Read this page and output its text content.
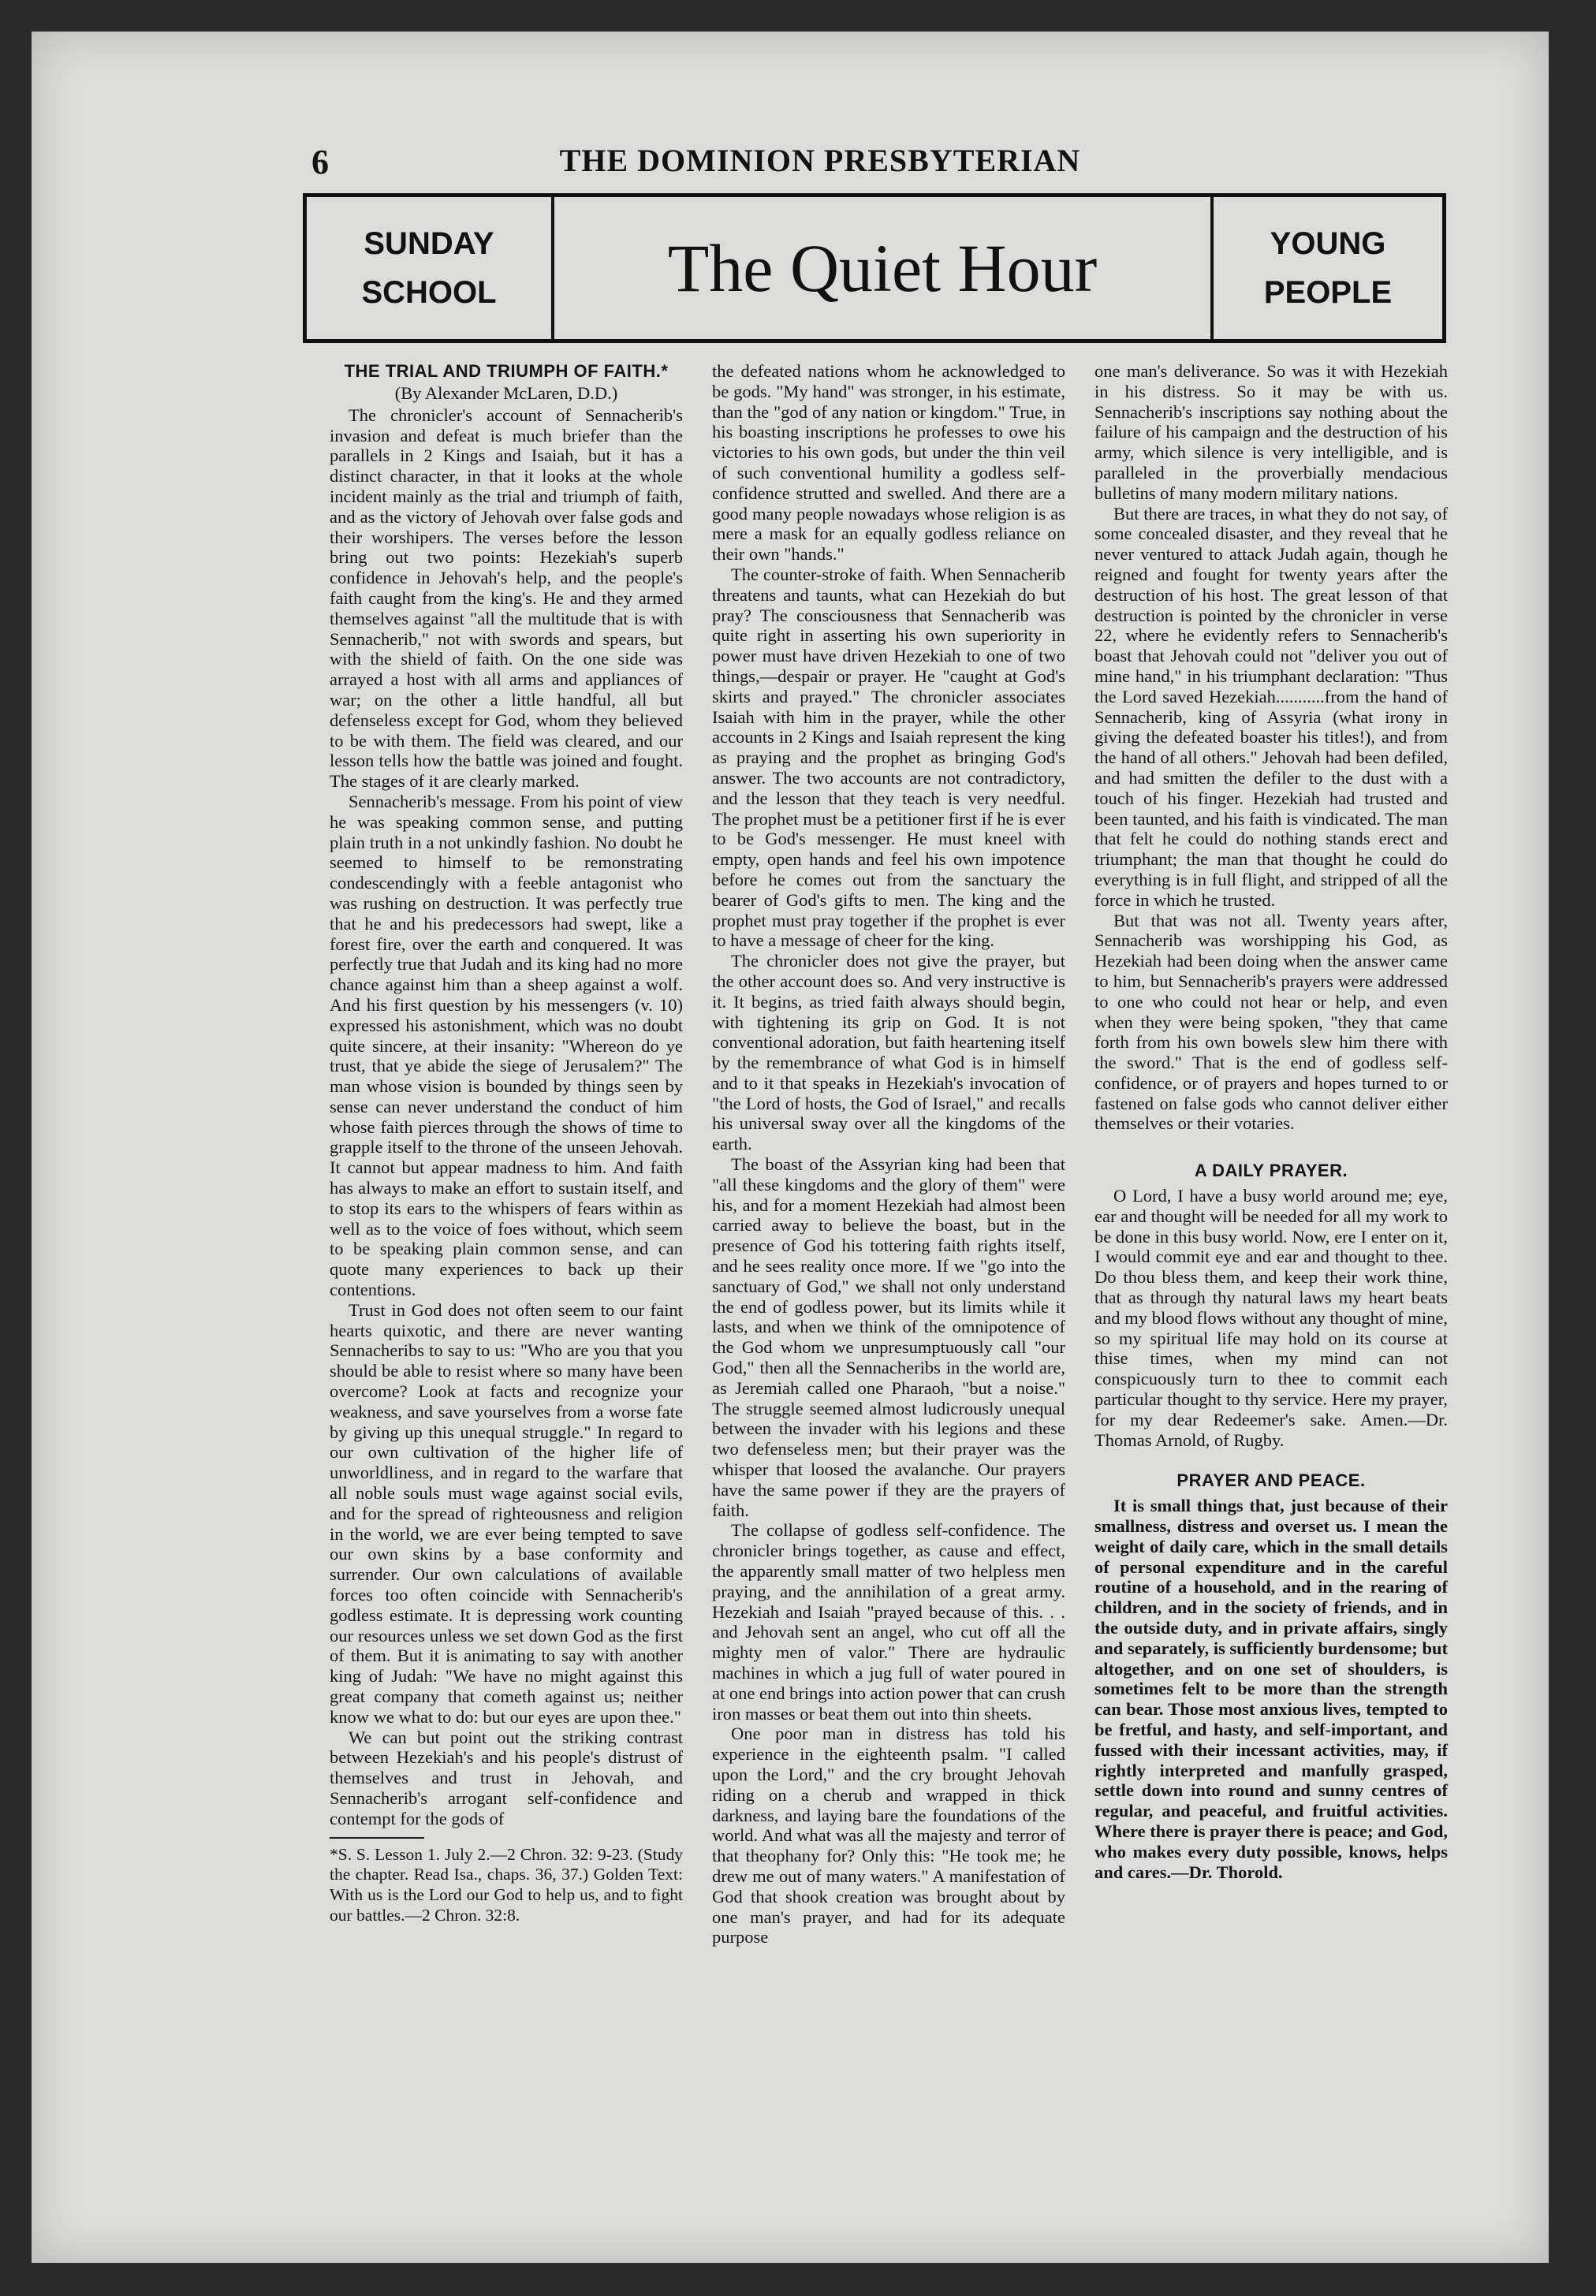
6	THE DOMINION PRESBYTERIAN
SUNDAY
SCHOOL	The Quiet Hour	YOUNG
PEOPLE
THE TRIAL AND TRIUMPH OF FAITH.*
(By Alexander McLaren, D.D.)

The chronicler's account of Sennacherib's invasion and defeat is much briefer than the parallels in 2 Kings and Isaiah, but it has a distinct character, in that it looks at the whole incident mainly as the trial and triumph of faith, and as the victory of Jehovah over false gods and their worshipers. The verses before the lesson bring out two points: Hezekiah's superb confidence in Jehovah's help, and the people's faith caught from the king's. He and they armed themselves against "all the multitude that is with Sennacherib," not with swords and spears, but with the shield of faith. On the one side was arrayed a host with all arms and appliances of war; on the other a little handful, all but defenseless except for God, whom they believed to be with them. The field was cleared, and our lesson tells how the battle was joined and fought. The stages of it are clearly marked.

Sennacherib's message. From his point of view he was speaking common sense, and putting plain truth in a not unkindly fashion. No doubt he seemed to himself to be remonstrating condescendingly with a feeble antagonist who was rushing on destruction. It was perfectly true that he and his predecessors had swept, like a forest fire, over the earth and conquered. It was perfectly true that Judah and its king had no more chance against him than a sheep against a wolf. And his first question by his messengers (v. 10) expressed his astonishment, which was no doubt quite sincere, at their insanity: "Whereon do ye trust, that ye abide the siege of Jerusalem?" The man whose vision is bounded by things seen by sense can never understand the conduct of him whose faith pierces through the shows of time to grapple itself to the throne of the unseen Jehovah. It cannot but appear madness to him. And faith has always to make an effort to sustain itself, and to stop its ears to the whispers of fears within as well as to the voice of foes without, which seem to be speaking plain common sense, and can quote many experiences to back up their contentions.

Trust in God does not often seem to our faint hearts quixotic, and there are never wanting Sennacheribs to say to us: "Who are you that you should be able to resist where so many have been overcome? Look at facts and recognize your weakness, and save yourselves from a worse fate by giving up this unequal struggle." In regard to our own cultivation of the higher life of unworldliness, and in regard to the warfare that all noble souls must wage against social evils, and for the spread of righteousness and religion in the world, we are ever being tempted to save our own skins by a base conformity and surrender. Our own calculations of available forces too often coincide with Sennacherib's godless estimate. It is depressing work counting our resources unless we set down God as the first of them. But it is animating to say with another king of Judah: "We have no might against this great company that cometh against us; neither know we what to do: but our eyes are upon thee."

We can but point out the striking contrast between Hezekiah's and his people's distrust of themselves and trust in Jehovah, and Sennacherib's arrogant self-confidence and contempt for the gods of

*S. S. Lesson 1. July 2.—2 Chron. 32: 9-23. (Study the chapter. Read Isa., chaps. 36, 37.) Golden Text: With us is the Lord our God to help us, and to fight our battles.—2 Chron. 32:8.

the defeated nations whom he acknowledged to be gods. "My hand" was stronger, in his estimate, than the "god of any nation or kingdom." True, in his boasting inscriptions he professes to owe his victories to his own gods, but under the thin veil of such conventional humility a godless self-confidence strutted and swelled. And there are a good many people nowadays whose religion is as mere a mask for an equally godless reliance on their own "hands."

The counter-stroke of faith. When Sennacherib threatens and taunts, what can Hezekiah do but pray? The consciousness that Sennacherib was quite right in asserting his own superiority in power must have driven Hezekiah to one of two things,—despair or prayer. He "caught at God's skirts and prayed." The chronicler associates Isaiah with him in the prayer, while the other accounts in 2 Kings and Isaiah represent the king as praying and the prophet as bringing God's answer. The two accounts are not contradictory, and the lesson that they teach is very needful. The prophet must be a petitioner first if he is ever to be God's messenger. He must kneel with empty, open hands and feel his own impotence before he comes out from the sanctuary the bearer of God's gifts to men. The king and the prophet must pray together if the prophet is ever to have a message of cheer for the king.

The chronicler does not give the prayer, but the other account does so. And very instructive is it. It begins, as tried faith always should begin, with tightening its grip on God. It is not conventional adoration, but faith heartening itself by the remembrance of what God is in himself and to it that speaks in Hezekiah's invocation of "the Lord of hosts, the God of Israel," and recalls his universal sway over all the kingdoms of the earth.

The boast of the Assyrian king had been that "all these kingdoms and the glory of them" were his, and for a moment Hezekiah had almost been carried away to believe the boast, but in the presence of God his tottering faith rights itself, and he sees reality once more. If we "go into the sanctuary of God," we shall not only understand the end of godless power, but its limits while it lasts, and when we think of the omnipotence of the God whom we unpresumptuously call "our God," then all the Sennacheribs in the world are, as Jeremiah called one Pharaoh, "but a noise." The struggle seemed almost ludicrously unequal between the invader with his legions and these two defenseless men; but their prayer was the whisper that loosed the avalanche. Our prayers have the same power if they are the prayers of faith.

The collapse of godless self-confidence. The chronicler brings together, as cause and effect, the apparently small matter of two helpless men praying, and the annihilation of a great army. Hezekiah and Isaiah "prayed because of this. . . and Jehovah sent an angel, who cut off all the mighty men of valor." There are hydraulic machines in which a jug full of water poured in at one end brings into action power that can crush iron masses or beat them out into thin sheets.

One poor man in distress has told his experience in the eighteenth psalm. "I called upon the Lord," and the cry brought Jehovah riding on a cherub and wrapped in thick darkness, and laying bare the foundations of the world. And what was all the majesty and terror of that theophany for? Only this: "He took me; he drew me out of many waters." A manifestation of God that shook creation was brought about by one man's prayer, and had for its adequate purpose

one man's deliverance. So was it with Hezekiah in his distress. So it may be with us. Sennacherib's inscriptions say nothing about the failure of his campaign and the destruction of his army, which silence is very intelligible, and is paralleled in the proverbially mendacious bulletins of many modern military nations.

But there are traces, in what they do not say, of some concealed disaster, and they reveal that he never ventured to attack Judah again, though he reigned and fought for twenty years after the destruction of his host. The great lesson of that destruction is pointed by the chronicler in verse 22, where he evidently refers to Sennacherib's boast that Jehovah could not "deliver you out of mine hand," in his triumphant declaration: "Thus the Lord saved Hezekiah...........from the hand of Sennacherib, king of Assyria (what irony in giving the defeated boaster his titles!), and from the hand of all others." Jehovah had been defiled, and had smitten the defiler to the dust with a touch of his finger. Hezekiah had trusted and been taunted, and his faith is vindicated. The man that felt he could do nothing stands erect and triumphant; the man that thought he could do everything is in full flight, and stripped of all the force in which he trusted.

But that was not all. Twenty years after, Sennacherib was worshipping his God, as Hezekiah had been doing when the answer came to him, but Sennacherib's prayers were addressed to one who could not hear or help, and even when they were being spoken, "they that came forth from his own bowels slew him there with the sword." That is the end of godless self-confidence, or of prayers and hopes turned to or fastened on false gods who cannot deliver either themselves or their votaries.

A DAILY PRAYER.

O Lord, I have a busy world around me; eye, ear and thought will be needed for all my work to be done in this busy world. Now, ere I enter on it, I would commit eye and ear and thought to thee. Do thou bless them, and keep their work thine, that as through thy natural laws my heart beats and my blood flows without any thought of mine, so my spiritual life may hold on its course at thise times, when my mind can not conspicuously turn to thee to commit each particular thought to thy service. Here my prayer, for my dear Redeemer's sake. Amen.—Dr. Thomas Arnold, of Rugby.

PRAYER AND PEACE.

It is small things that, just because of their smallness, distress and overset us. I mean the weight of daily care, which in the small details of personal expenditure and in the careful routine of a household, and in the rearing of children, and in the society of friends, and in the outside duty, and in private affairs, singly and separately, is sufficiently burdensome; but altogether, and on one set of shoulders, is sometimes felt to be more than the strength can bear. Those most anxious lives, tempted to be fretful, and hasty, and self-important, and fussed with their incessant activities, may, if rightly interpreted and manfully grasped, settle down into round and sunny centres of regular, and peaceful, and fruitful activities. Where there is prayer there is peace; and God, who makes every duty possible, knows, helps and cares.—Dr. Thorold.
